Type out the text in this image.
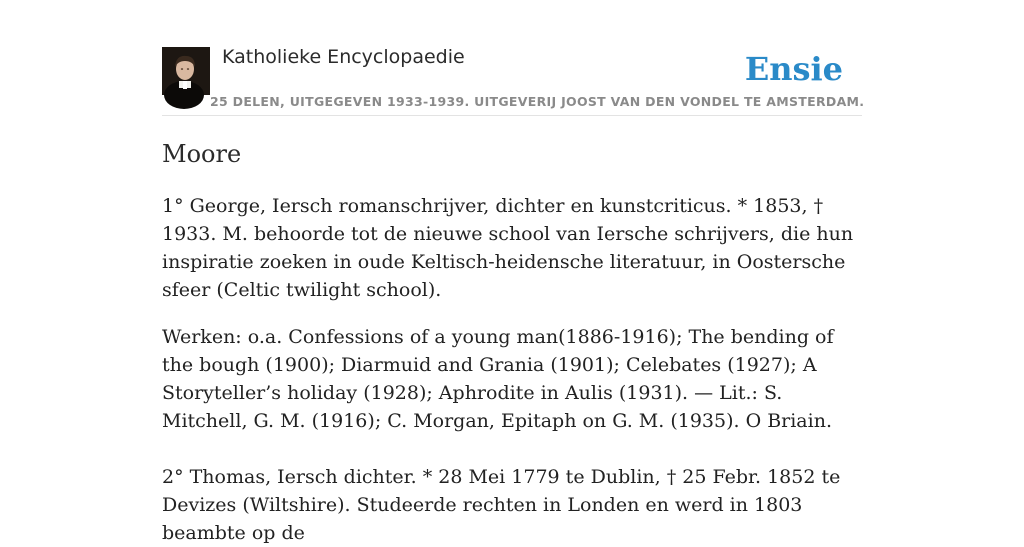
Katholieke Encyclopaedie	Ensie
25 DELEN, UITGEGEVEN 1933-1939. UITGEVERIJ JOOST VAN DEN VONDEL TE AMSTERDAM.
Moore

1° George, Iersch romanschrijver, dichter en kunstcriticus. * 1853, † 1933. M. behoorde tot de nieuwe school van Iersche schrijvers, die hun inspiratie zoeken in oude Keltisch-heidensche literatuur, in Oostersche sfeer (Celtic twilight school).

Werken: o.a. Confessions of a young man(1886-1916); The bending of the bough (1900); Diarmuid and Grania (1901); Celebates (1927); A Storyteller’s holiday (1928); Aphrodite in Aulis (1931). — Lit.: S. Mitchell, G. M. (1916); C. Morgan, Epitaph on G. M. (1935). O Briain.

2° Thomas, Iersch dichter. * 28 Mei 1779 te Dublin, † 25 Febr. 1852 te Devizes (Wiltshire). Studeerde rechten in Londen en werd in 1803 beambte op de
